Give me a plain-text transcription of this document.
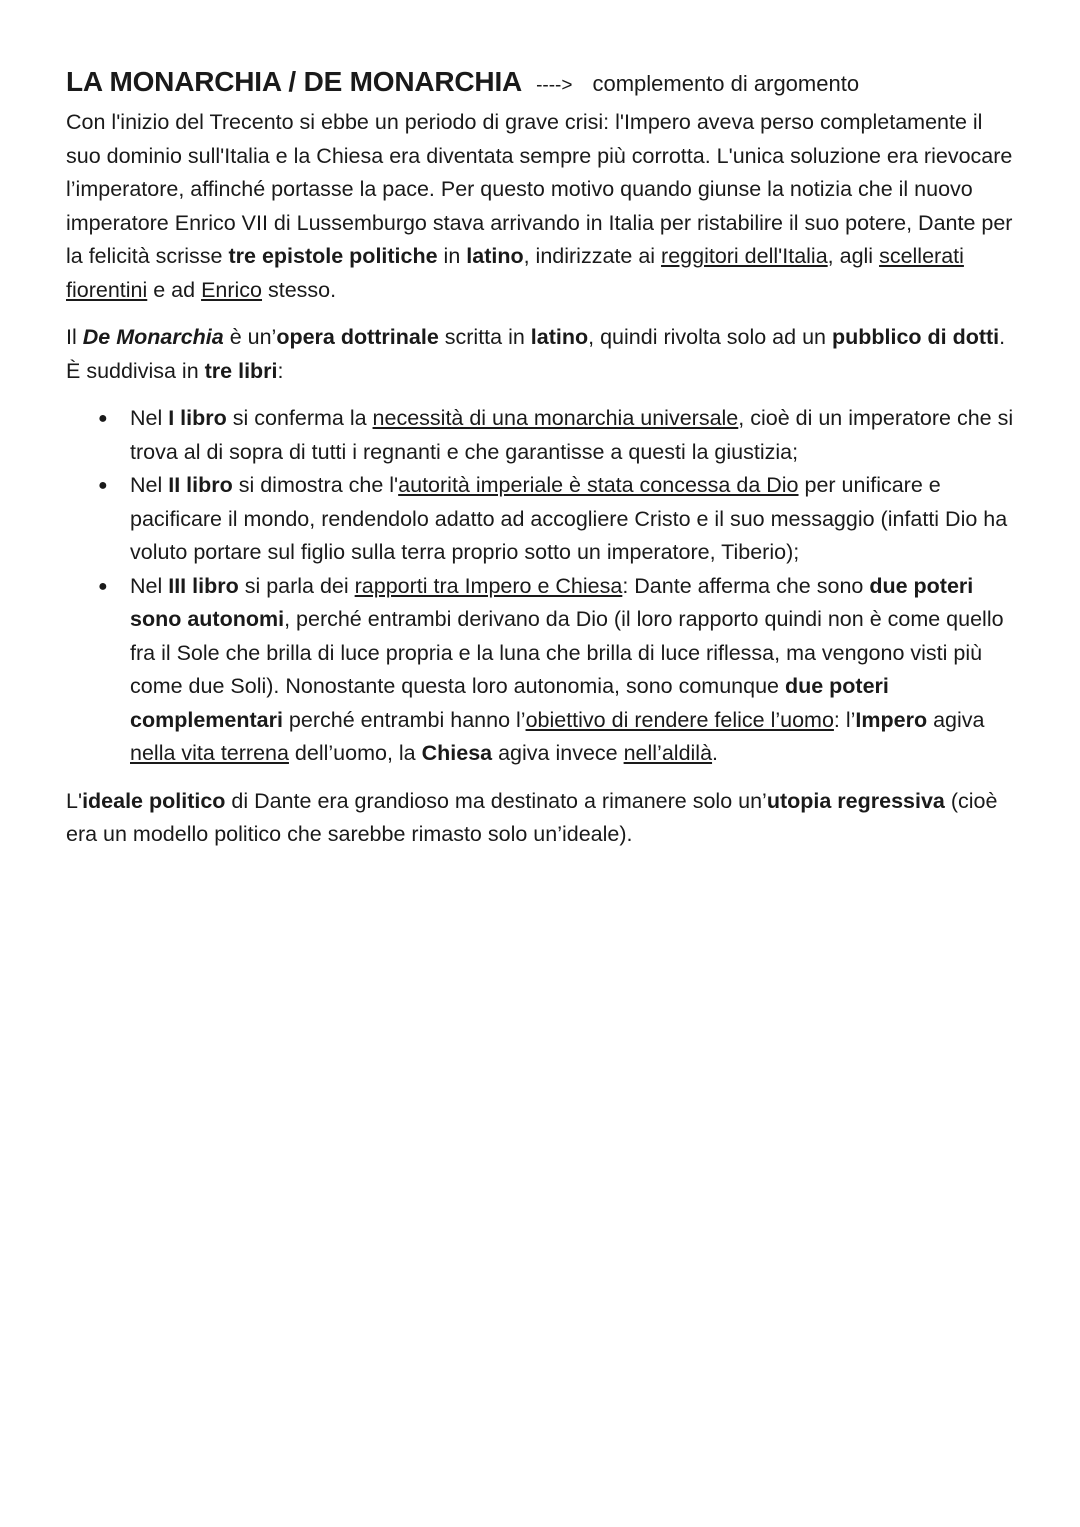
LA MONARCHIA / DE MONARCHIA ----> complemento di argomento

Con l'inizio del Trecento si ebbe un periodo di grave crisi: l'Impero aveva perso completamente il suo dominio sull'Italia e la Chiesa era diventata sempre più corrotta. L'unica soluzione era rievocare l’imperatore, affinché portasse la pace. Per questo motivo quando giunse la notizia che il nuovo imperatore Enrico VII di Lussemburgo stava arrivando in Italia per ristabilire il suo potere, Dante per la felicità scrisse tre epistole politiche in latino, indirizzate ai reggitori dell'Italia, agli scellerati fiorentini e ad Enrico stesso.

Il De Monarchia è un’opera dottrinale scritta in latino, quindi rivolta solo ad un pubblico di dotti. È suddivisa in tre libri:

● Nel I libro si conferma la necessità di una monarchia universale, cioè di un imperatore che si trova al di sopra di tutti i regnanti e che garantisse a questi la giustizia;
● Nel II libro si dimostra che l'autorità imperiale è stata concessa da Dio per unificare e pacificare il mondo, rendendolo adatto ad accogliere Cristo e il suo messaggio (infatti Dio ha voluto portare sul figlio sulla terra proprio sotto un imperatore, Tiberio);
● Nel III libro si parla dei rapporti tra Impero e Chiesa: Dante afferma che sono due poteri sono autonomi, perché entrambi derivano da Dio (il loro rapporto quindi non è come quello fra il Sole che brilla di luce propria e la luna che brilla di luce riflessa, ma vengono visti più come due Soli). Nonostante questa loro autonomia, sono comunque due poteri complementari perché entrambi hanno l’obiettivo di rendere felice l’uomo: l’Impero agiva nella vita terrena dell’uomo, la Chiesa agiva invece nell’aldilà.

L'ideale politico di Dante era grandioso ma destinato a rimanere solo un’utopia regressiva (cioè era un modello politico che sarebbe rimasto solo un’ideale).
